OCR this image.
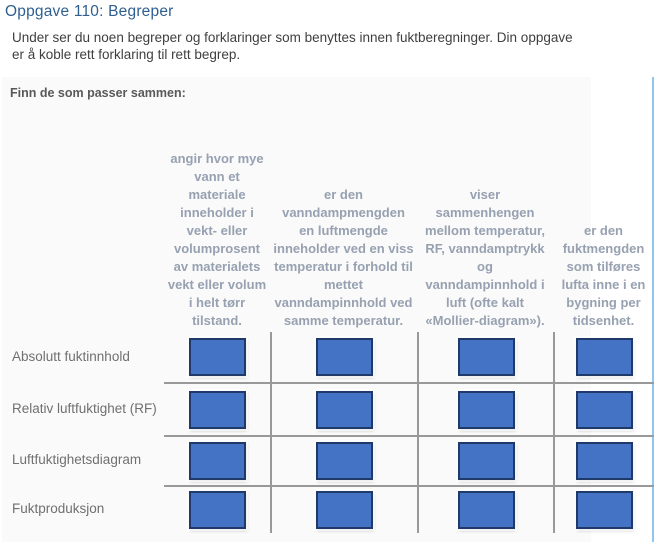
Oppgave 110: Begreper
Under ser du noen begreper og forklaringer som benyttes innen fuktberegninger. Din oppgave
er å koble rett forklaring til rett begrep.
Finn de som passer sammen:
angir hvor mye vann et materiale inneholder i vekt- eller volumprosent av materialets vekt eller volum i helt tørr tilstand.
er den vanndampmengden en luftmengde inneholder ved en viss temperatur i forhold til mettet vanndampinnhold ved samme temperatur.
viser sammenhengen mellom temperatur, RF, vanndamptrykk og vanndampinnhold i luft (ofte kalt «Mollier-diagram»).
er den fuktmengden som tilføres lufta inne i en bygning per tidsenhet.
Absolutt fuktinnhold
Relativ luftfuktighet (RF)
Luftfuktighetsdiagram
Fuktproduksjon
